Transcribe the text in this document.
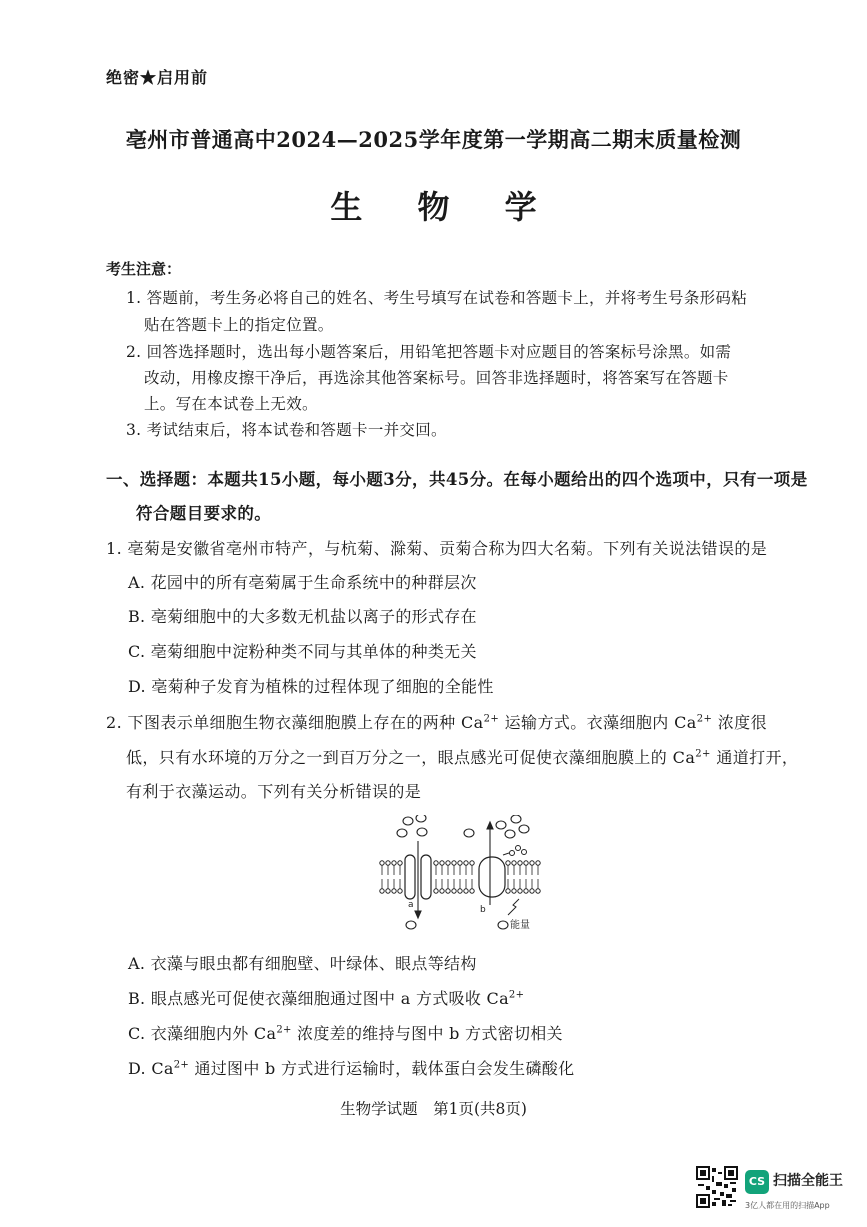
绝密★启用前
亳州市普通高中2024—2025学年度第一学期高二期末质量检测
生 物 学
考生注意：
1. 答题前，考生务必将自己的姓名、考生号填写在试卷和答题卡上，并将考生号条形码粘
贴在答题卡上的指定位置。
2. 回答选择题时，选出每小题答案后，用铅笔把答题卡对应题目的答案标号涂黑。如需
改动，用橡皮擦干净后，再选涂其他答案标号。回答非选择题时，将答案写在答题卡
上。写在本试卷上无效。
3. 考试结束后，将本试卷和答题卡一并交回。
一、选择题：本题共15小题，每小题3分，共45分。在每小题给出的四个选项中，只有一项是
符合题目要求的。
1. 亳菊是安徽省亳州市特产，与杭菊、滁菊、贡菊合称为四大名菊。下列有关说法错误的是
A. 花园中的所有亳菊属于生命系统中的种群层次
B. 亳菊细胞中的大多数无机盐以离子的形式存在
C. 亳菊细胞中淀粉种类不同与其单体的种类无关
D. 亳菊种子发育为植株的过程体现了细胞的全能性
2. 下图表示单细胞生物衣藻细胞膜上存在的两种 $Ca^{2+}$ 运输方式。衣藻细胞内 $Ca^{2+}$ 浓度很
低，只有水环境的万分之一到百万分之一，眼点感光可促使衣藻细胞膜上的 $Ca^{2+}$ 通道打开，
有利于衣藻运动。下列有关分析错误的是
a	b
能量
A. 衣藻与眼虫都有细胞壁、叶绿体、眼点等结构
B. 眼点感光可促使衣藻细胞通过图中 a 方式吸收 $Ca^{2+}$
C. 衣藻细胞内外 $Ca^{2+}$ 浓度差的维持与图中 b 方式密切相关
D. $Ca^{2+}$ 通过图中 b 方式进行运输时，载体蛋白会发生磷酸化
生物学试题　第1页(共8页)
CS 扫描全能王
3亿人都在用的扫描App
